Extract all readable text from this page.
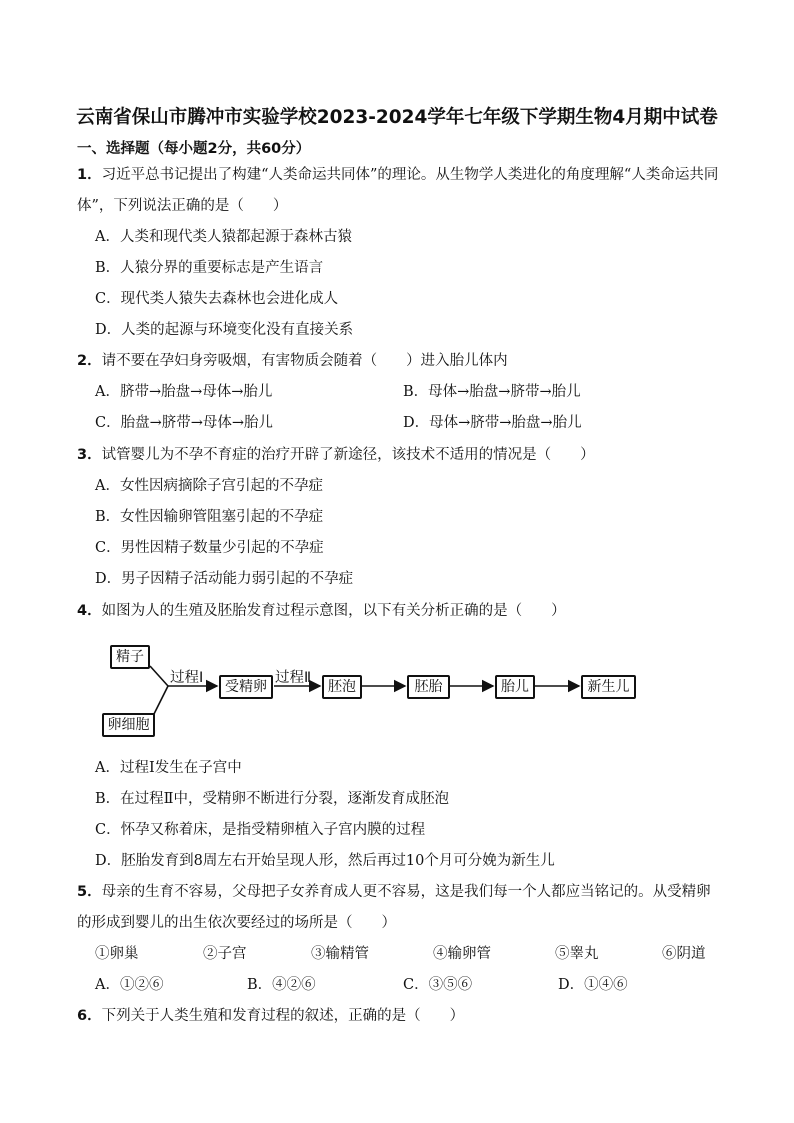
云南省保山市腾冲市实验学校2023-2024学年七年级下学期生物4月期中试卷
一、选择题（每小题2分，共60分）
1．习近平总书记提出了构建“人类命运共同体”的理论。从生物学人类进化的角度理解“人类命运共同
体”，下列说法正确的是（　　）
A．人类和现代类人猿都起源于森林古猿
B．人猿分界的重要标志是产生语言
C．现代类人猿失去森林也会进化成人
D．人类的起源与环境变化没有直接关系
2．请不要在孕妇身旁吸烟，有害物质会随着（　　）进入胎儿体内
A．脐带→胎盘→母体→胎儿	B．母体→胎盘→脐带→胎儿
C．胎盘→脐带→母体→胎儿	D．母体→脐带→胎盘→胎儿
3．试管婴儿为不孕不育症的治疗开辟了新途径，该技术不适用的情况是（　　）
A．女性因病摘除子宫引起的不孕症
B．女性因输卵管阻塞引起的不孕症
C．男性因精子数量少引起的不孕症
D．男子因精子活动能力弱引起的不孕症
4．如图为人的生殖及胚胎发育过程示意图，以下有关分析正确的是（　　）
精子
卵细胞
过程Ⅰ
受精卵
过程Ⅱ
胚泡	胚胎	胎儿	新生儿
A．过程Ⅰ发生在子宫中
B．在过程Ⅱ中，受精卵不断进行分裂，逐渐发育成胚泡
C．怀孕又称着床，是指受精卵植入子宫内膜的过程
D．胚胎发育到8周左右开始呈现人形，然后再过10个月可分娩为新生儿
5．母亲的生育不容易，父母把子女养育成人更不容易，这是我们每一个人都应当铭记的。从受精卵
的形成到婴儿的出生依次要经过的场所是（　　）
①卵巢	②子宫	③输精管	④输卵管	⑤睾丸	⑥阴道
A．①②⑥	B．④②⑥	C．③⑤⑥	D．①④⑥
6．下列关于人类生殖和发育过程的叙述，正确的是（　　）
